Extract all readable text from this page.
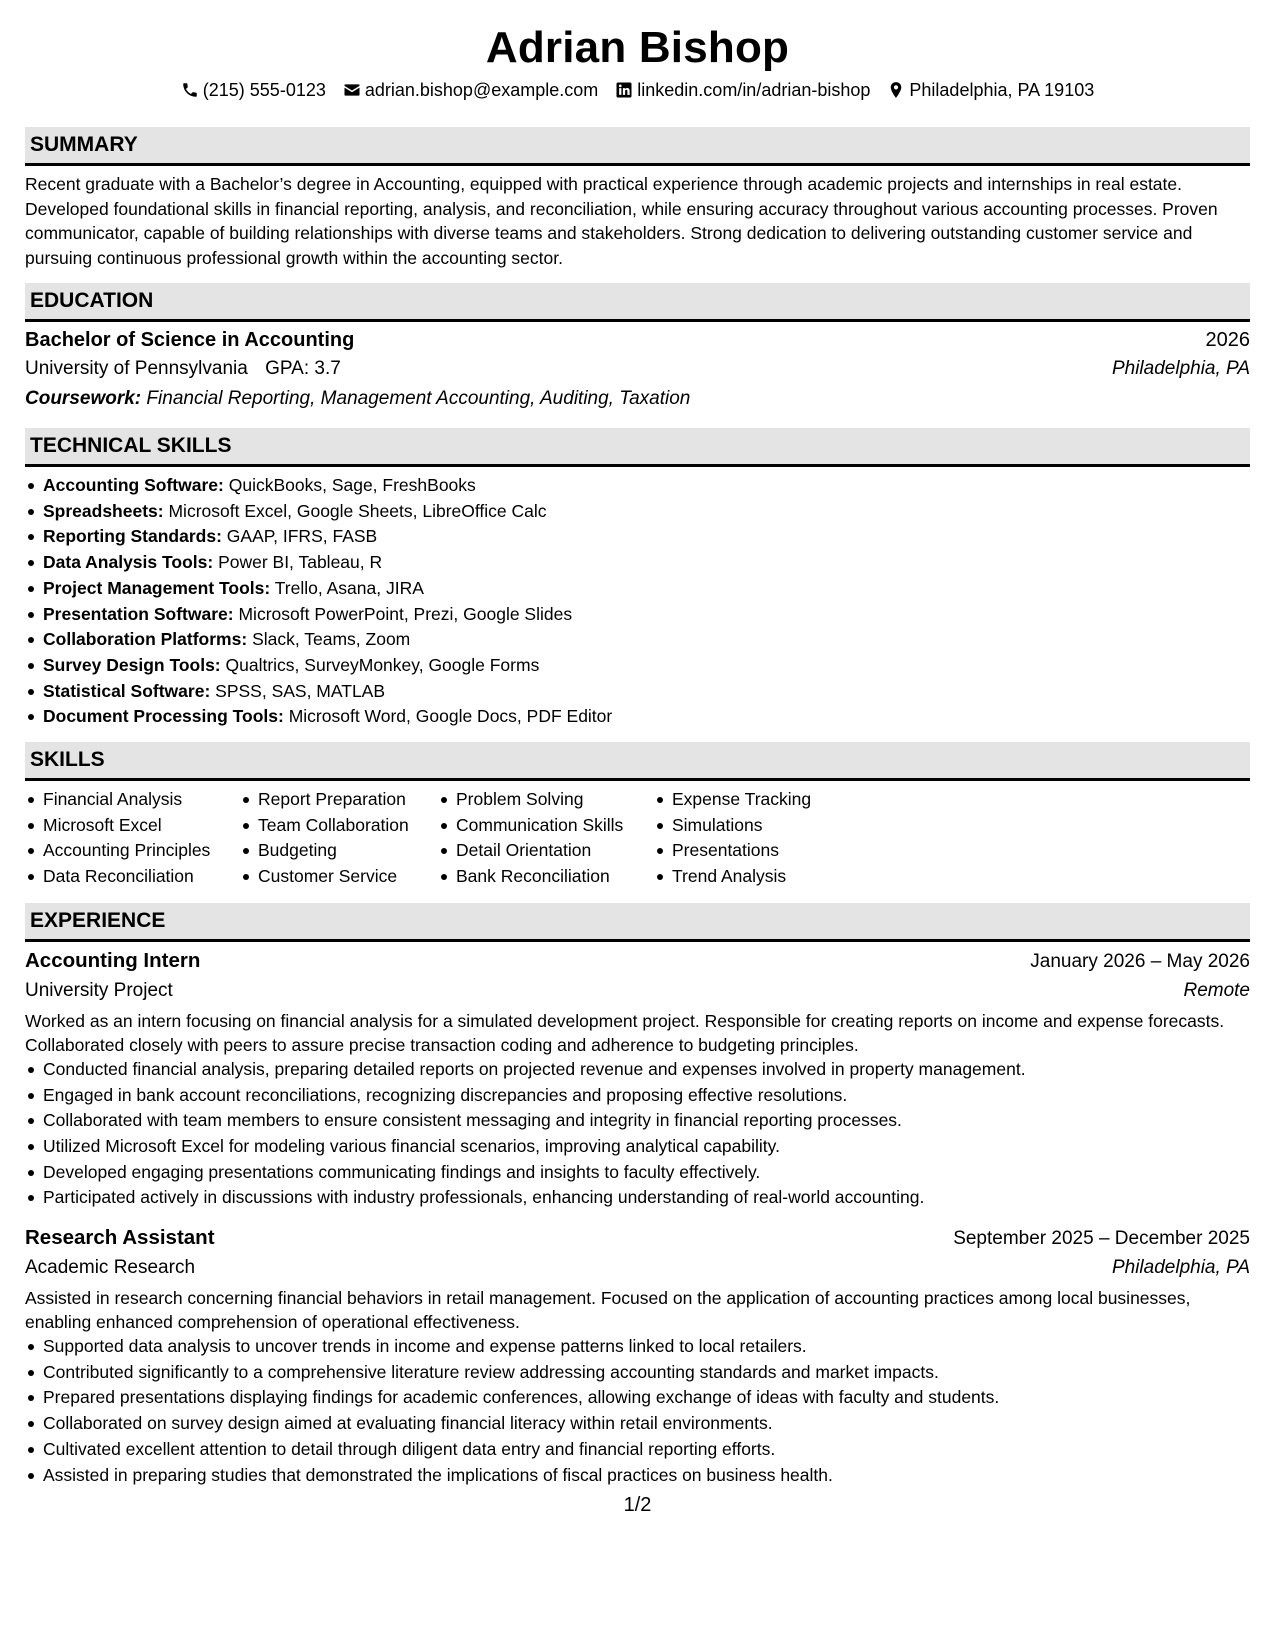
Adrian Bishop
(215) 555-0123 adrian.bishop@example.com linkedin.com/in/adrian-bishop Philadelphia, PA 19103
SUMMARY
Recent graduate with a Bachelor’s degree in Accounting, equipped with practical experience through academic projects and internships in real estate. Developed foundational skills in financial reporting, analysis, and reconciliation, while ensuring accuracy throughout various accounting processes. Proven communicator, capable of building relationships with diverse teams and stakeholders. Strong dedication to delivering outstanding customer service and pursuing continuous professional growth within the accounting sector.
EDUCATION
Bachelor of Science in Accounting	2026
University of Pennsylvania GPA: 3.7	Philadelphia, PA
Coursework: Financial Reporting, Management Accounting, Auditing, Taxation
TECHNICAL SKILLS
Accounting Software: QuickBooks, Sage, FreshBooks
Spreadsheets: Microsoft Excel, Google Sheets, LibreOffice Calc
Reporting Standards: GAAP, IFRS, FASB
Data Analysis Tools: Power BI, Tableau, R
Project Management Tools: Trello, Asana, JIRA
Presentation Software: Microsoft PowerPoint, Prezi, Google Slides
Collaboration Platforms: Slack, Teams, Zoom
Survey Design Tools: Qualtrics, SurveyMonkey, Google Forms
Statistical Software: SPSS, SAS, MATLAB
Document Processing Tools: Microsoft Word, Google Docs, PDF Editor
SKILLS
Financial Analysis
Microsoft Excel
Accounting Principles
Data Reconciliation
Report Preparation
Team Collaboration
Budgeting
Customer Service
Problem Solving
Communication Skills
Detail Orientation
Bank Reconciliation
Expense Tracking
Simulations
Presentations
Trend Analysis
EXPERIENCE
Accounting Intern	January 2026 – May 2026
University Project	Remote
Worked as an intern focusing on financial analysis for a simulated development project. Responsible for creating reports on income and expense forecasts. Collaborated closely with peers to assure precise transaction coding and adherence to budgeting principles.
Conducted financial analysis, preparing detailed reports on projected revenue and expenses involved in property management.
Engaged in bank account reconciliations, recognizing discrepancies and proposing effective resolutions.
Collaborated with team members to ensure consistent messaging and integrity in financial reporting processes.
Utilized Microsoft Excel for modeling various financial scenarios, improving analytical capability.
Developed engaging presentations communicating findings and insights to faculty effectively.
Participated actively in discussions with industry professionals, enhancing understanding of real-world accounting.
Research Assistant	September 2025 – December 2025
Academic Research	Philadelphia, PA
Assisted in research concerning financial behaviors in retail management. Focused on the application of accounting practices among local businesses, enabling enhanced comprehension of operational effectiveness.
Supported data analysis to uncover trends in income and expense patterns linked to local retailers.
Contributed significantly to a comprehensive literature review addressing accounting standards and market impacts.
Prepared presentations displaying findings for academic conferences, allowing exchange of ideas with faculty and students.
Collaborated on survey design aimed at evaluating financial literacy within retail environments.
Cultivated excellent attention to detail through diligent data entry and financial reporting efforts.
Assisted in preparing studies that demonstrated the implications of fiscal practices on business health.
1/2
